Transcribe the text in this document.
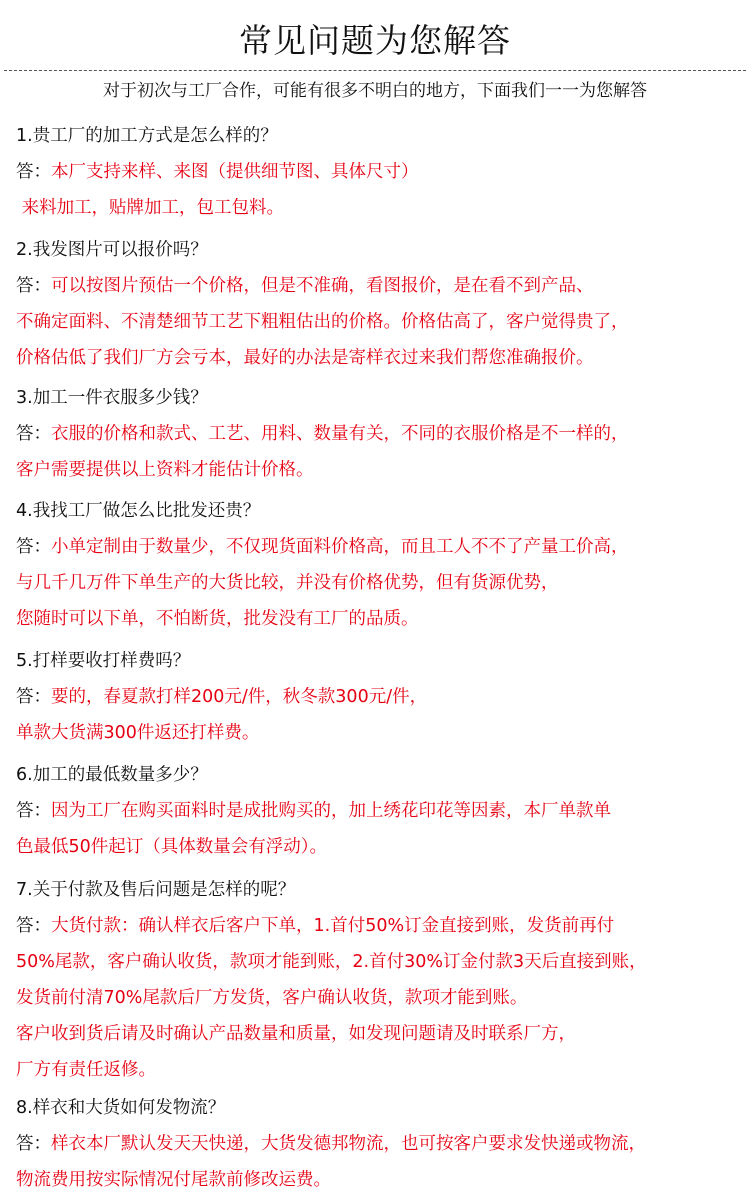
常见问题为您解答
对于初次与工厂合作，可能有很多不明白的地方，下面我们一一为您解答
1.贵工厂的加工方式是怎么样的？
答：本厂支持来样、来图（提供细节图、具体尺寸）
来料加工，贴牌加工，包工包料。
2.我发图片可以报价吗？
答：可以按图片预估一个价格，但是不准确，看图报价，是在看不到产品、
不确定面料、不清楚细节工艺下粗粗估出的价格。价格估高了，客户觉得贵了，
价格估低了我们厂方会亏本，最好的办法是寄样衣过来我们帮您准确报价。
3.加工一件衣服多少钱？
答：衣服的价格和款式、工艺、用料、数量有关，不同的衣服价格是不一样的，
客户需要提供以上资料才能估计价格。
4.我找工厂做怎么比批发还贵？
答：小单定制由于数量少，不仅现货面料价格高，而且工人不不了产量工价高，
与几千几万件下单生产的大货比较，并没有价格优势，但有货源优势，
您随时可以下单，不怕断货，批发没有工厂的品质。
5.打样要收打样费吗？
答：要的，春夏款打样200元/件，秋冬款300元/件，
单款大货满300件返还打样费。
6.加工的最低数量多少？
答：因为工厂在购买面料时是成批购买的，加上绣花印花等因素，本厂单款单
色最低50件起订（具体数量会有浮动）。
7.关于付款及售后问题是怎样的呢？
答：大货付款：确认样衣后客户下单，1.首付50%订金直接到账，发货前再付
50%尾款，客户确认收货，款项才能到账，2.首付30%订金付款3天后直接到账，
发货前付清70%尾款后厂方发货，客户确认收货，款项才能到账。
客户收到货后请及时确认产品数量和质量，如发现问题请及时联系厂方，
厂方有责任返修。
8.样衣和大货如何发物流？
答：样衣本厂默认发天天快递，大货发德邦物流，也可按客户要求发快递或物流，
物流费用按实际情况付尾款前修改运费。
